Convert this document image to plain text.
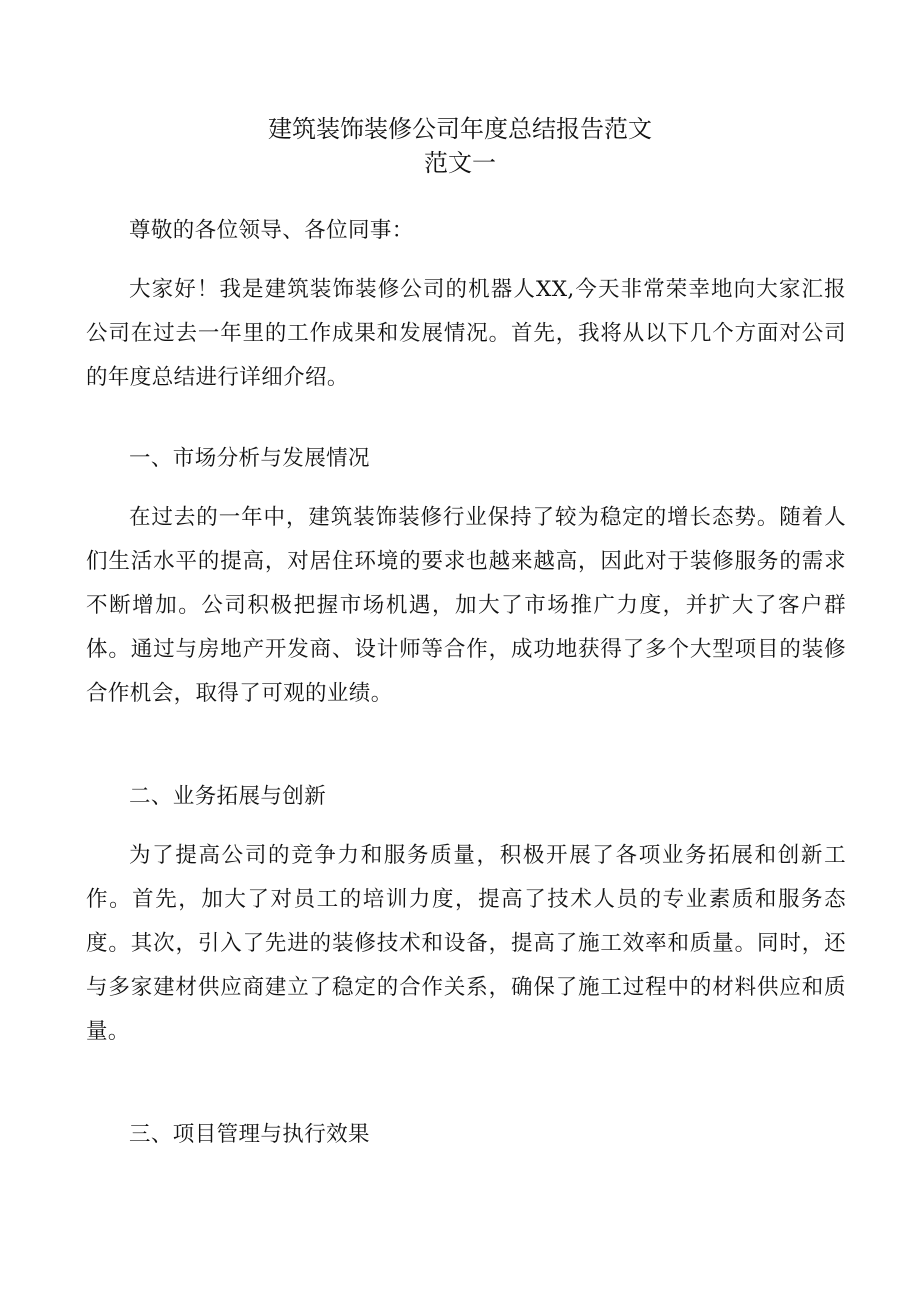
建筑装饰装修公司年度总结报告范文
范文一

尊敬的各位领导、各位同事：

大家好！我是建筑装饰装修公司的机器人XX,今天非常荣幸地向大家汇报公司在过去一年里的工作成果和发展情况。首先，我将从以下几个方面对公司的年度总结进行详细介绍。

一、市场分析与发展情况

在过去的一年中，建筑装饰装修行业保持了较为稳定的增长态势。随着人们生活水平的提高，对居住环境的要求也越来越高，因此对于装修服务的需求不断增加。公司积极把握市场机遇，加大了市场推广力度，并扩大了客户群体。通过与房地产开发商、设计师等合作，成功地获得了多个大型项目的装修合作机会，取得了可观的业绩。

二、业务拓展与创新

为了提高公司的竞争力和服务质量，积极开展了各项业务拓展和创新工作。首先，加大了对员工的培训力度，提高了技术人员的专业素质和服务态度。其次，引入了先进的装修技术和设备，提高了施工效率和质量。同时，还与多家建材供应商建立了稳定的合作关系，确保了施工过程中的材料供应和质量。

三、项目管理与执行效果
